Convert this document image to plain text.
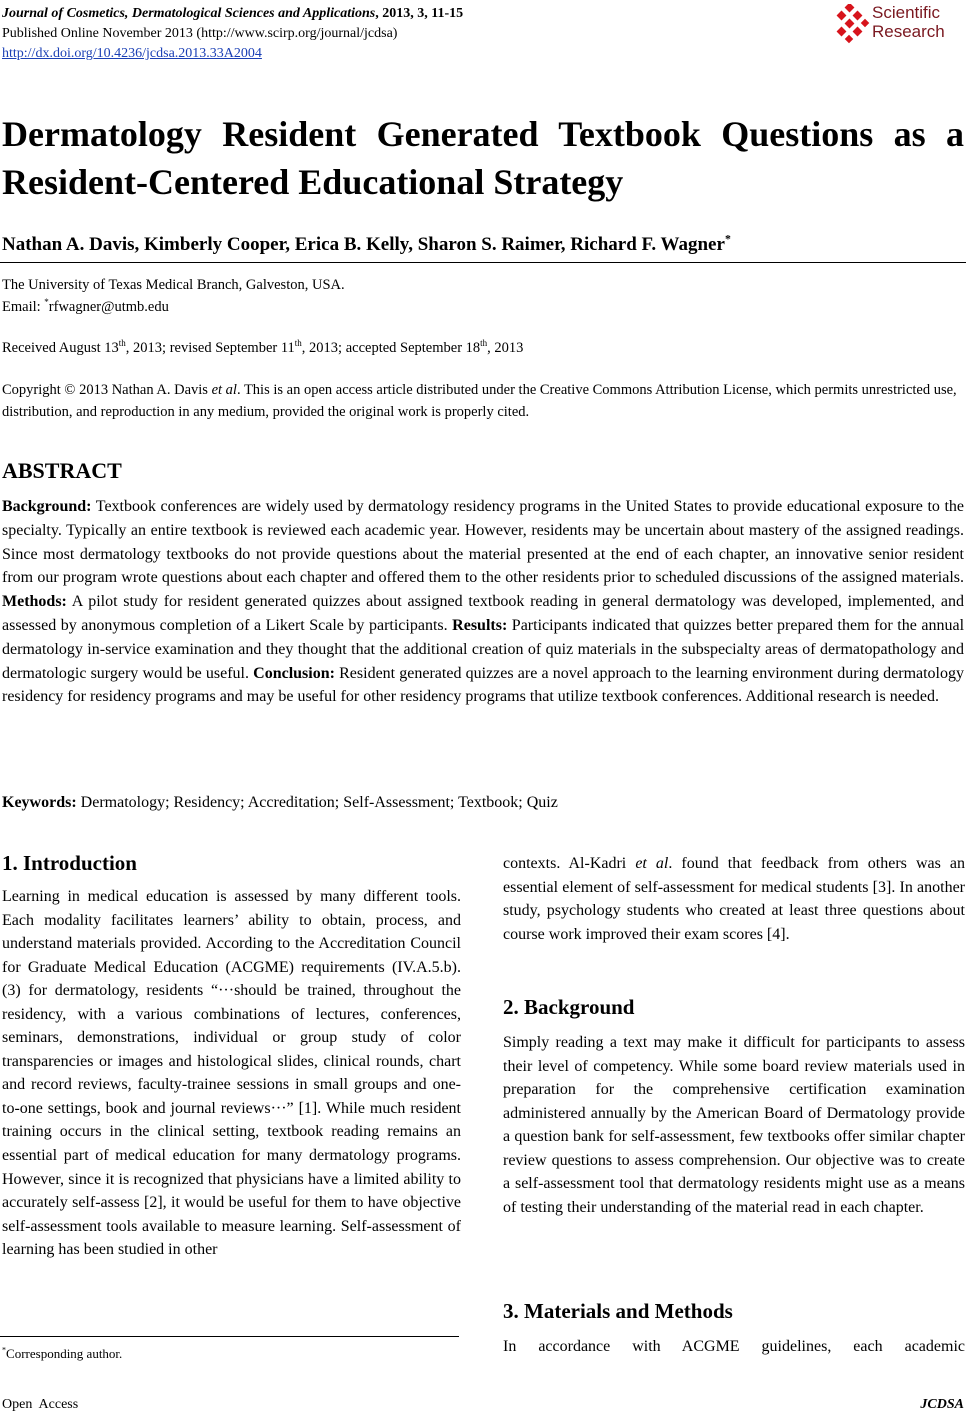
Journal of Cosmetics, Dermatological Sciences and Applications, 2013, 3, 11-15
Published Online November 2013 (http://www.scirp.org/journal/jcdsa)
http://dx.doi.org/10.4236/jcdsa.2013.33A2004
Scientific
Research
Dermatology Resident Generated Textbook Questions as a Resident-Centered Educational Strategy
Nathan A. Davis, Kimberly Cooper, Erica B. Kelly, Sharon S. Raimer, Richard F. Wagner*
The University of Texas Medical Branch, Galveston, USA.
Email: *rfwagner@utmb.edu
Received August 13th, 2013; revised September 11th, 2013; accepted September 18th, 2013
Copyright © 2013 Nathan A. Davis et al. This is an open access article distributed under the Creative Commons Attribution License, which permits unrestricted use, distribution, and reproduction in any medium, provided the original work is properly cited.
ABSTRACT
Background: Textbook conferences are widely used by dermatology residency programs in the United States to provide educational exposure to the specialty. Typically an entire textbook is reviewed each academic year. However, residents may be uncertain about mastery of the assigned readings. Since most dermatology textbooks do not provide questions about the material presented at the end of each chapter, an innovative senior resident from our program wrote questions about each chapter and offered them to the other residents prior to scheduled discussions of the assigned materials. Methods: A pilot study for resident generated quizzes about assigned textbook reading in general dermatology was developed, implemented, and assessed by anonymous completion of a Likert Scale by participants. Results: Participants indicated that quizzes better prepared them for the annual dermatology in-service examination and they thought that the additional creation of quiz materials in the subspecialty areas of dermatopathology and dermatologic surgery would be useful. Conclusion: Resident generated quizzes are a novel approach to the learning environment during dermatology residency for residency programs and may be useful for other residency programs that utilize textbook conferences. Additional research is needed.
Keywords: Dermatology; Residency; Accreditation; Self-Assessment; Textbook; Quiz
1. Introduction

Learning in medical education is assessed by many different tools. Each modality facilitates learners’ ability to obtain, process, and understand materials provided. According to the Accreditation Council for Graduate Medical Education (ACGME) requirements (IV.A.5.b). (3) for dermatology, residents “···should be trained, throughout the residency, with a various combinations of lectures, conferences, seminars, demonstrations, individual or group study of color transparencies or images and histological slides, clinical rounds, chart and record reviews, faculty-trainee sessions in small groups and one-to-one settings, book and journal reviews···” [1]. While much resident training occurs in the clinical setting, textbook reading remains an essential part of medical education for many dermatology programs. However, since it is recognized that physicians have a limited ability to accurately self-assess [2], it would be useful for them to have objective self-assessment tools available to measure learning. Self-assessment of learning has been studied in other

contexts. Al-Kadri et al. found that feedback from others was an essential element of self-assessment for medical students [3]. In another study, psychology students who created at least three questions about course work improved their exam scores [4].

2. Background

Simply reading a text may make it difficult for participants to assess their level of competency. While some board review materials used in preparation for the comprehensive certification examination administered annually by the American Board of Dermatology provide a question bank for self-assessment, few textbooks offer similar chapter review questions to assess comprehension. Our objective was to create a self-assessment tool that dermatology residents might use as a means of testing their understanding of the material read in each chapter.

3. Materials and Methods

In accordance with ACGME guidelines, each academic

*Corresponding author.
Open  Access	JCDSA
